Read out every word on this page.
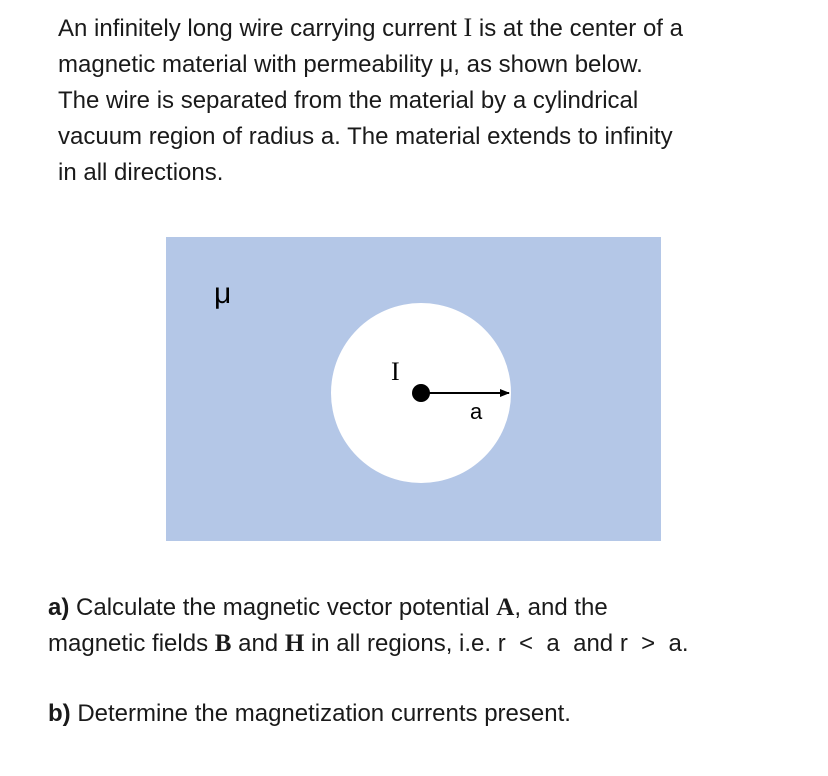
An infinitely long wire carrying current I is at the center of a

magnetic material with permeability μ, as shown below.

The wire is separated from the material by a cylindrical

vacuum region of radius a. The material extends to infinity

in all directions.

μ
I
a

a) Calculate the magnetic vector potential A, and the

magnetic fields B and H in all regions, i.e. r  <  a  and r  >  a.

b) Determine the magnetization currents present.
